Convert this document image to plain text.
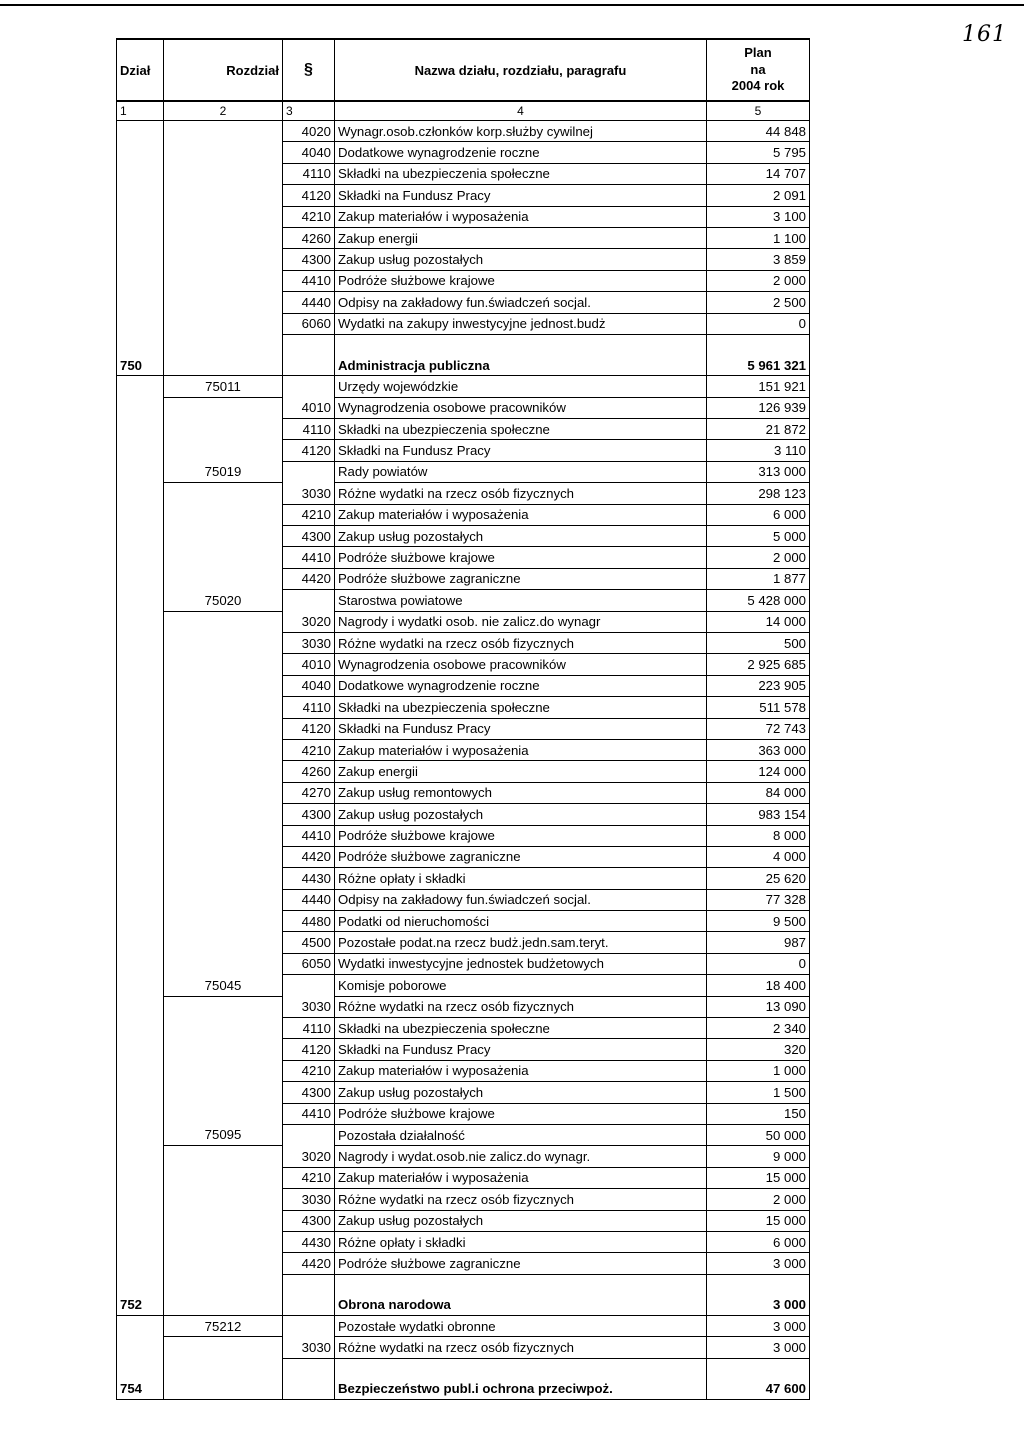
161
Dział	Rozdział	§	Nazwa działu, rozdziału, paragrafu	Plan
na
2004 rok

1	2	3	4	5
		4020	Wynagr.osob.członków korp.służby cywilnej	44 848
		4040	Dodatkowe wynagrodzenie roczne	5 795
		4110	Składki na ubezpieczenia społeczne	14 707
		4120	Składki na Fundusz Pracy	2 091
		4210	Zakup materiałów i wyposażenia	3 100
		4260	Zakup energii	1 100
		4300	Zakup usług pozostałych	3 859
		4410	Podróże służbowe krajowe	2 000
		4440	Odpisy na zakładowy fun.świadczeń socjal.	2 500
		6060	Wydatki na zakupy inwestycyjne jednost.budż	0

750			Administracja publiczna	5 961 321
	75011		Urzędy wojewódzkie	151 921
		4010	Wynagrodzenia osobowe pracowników	126 939
		4110	Składki na ubezpieczenia społeczne	21 872
		4120	Składki na Fundusz Pracy	3 110
	75019		Rady powiatów	313 000
		3030	Różne wydatki na rzecz osób fizycznych	298 123
		4210	Zakup materiałów i wyposażenia	6 000
		4300	Zakup usług pozostałych	5 000
		4410	Podróże służbowe krajowe	2 000
		4420	Podróże służbowe zagraniczne	1 877
	75020		Starostwa powiatowe	5 428 000
		3020	Nagrody i wydatki osob. nie zalicz.do wynagr	14 000
		3030	Różne wydatki na rzecz osób fizycznych	500
		4010	Wynagrodzenia osobowe pracowników	2 925 685
		4040	Dodatkowe wynagrodzenie roczne	223 905
		4110	Składki na ubezpieczenia społeczne	511 578
		4120	Składki na Fundusz Pracy	72 743
		4210	Zakup materiałów i wyposażenia	363 000
		4260	Zakup energii	124 000
		4270	Zakup usług remontowych	84 000
		4300	Zakup usług pozostałych	983 154
		4410	Podróże służbowe krajowe	8 000
		4420	Podróże służbowe zagraniczne	4 000
		4430	Różne opłaty i składki	25 620
		4440	Odpisy na zakładowy fun.świadczeń socjal.	77 328
		4480	Podatki od nieruchomości	9 500
		4500	Pozostałe podat.na rzecz budż.jedn.sam.teryt.	987
		6050	Wydatki inwestycyjne jednostek budżetowych	0
	75045		Komisje poborowe	18 400
		3030	Różne wydatki na rzecz osób fizycznych	13 090
		4110	Składki na ubezpieczenia społeczne	2 340
		4120	Składki na Fundusz Pracy	320
		4210	Zakup materiałów i wyposażenia	1 000
		4300	Zakup usług pozostałych	1 500
		4410	Podróże służbowe krajowe	150
	75095		Pozostała działalność	50 000
		3020	Nagrody i wydat.osob.nie zalicz.do wynagr.	9 000
		4210	Zakup materiałów i wyposażenia	15 000
		3030	Różne wydatki na rzecz osób fizycznych	2 000
		4300	Zakup usług pozostałych	15 000
		4430	Różne opłaty i składki	6 000
		4420	Podróże służbowe zagraniczne	3 000

752			Obrona narodowa	3 000
	75212		Pozostałe wydatki obronne	3 000
		3030	Różne wydatki na rzecz osób fizycznych	3 000

754			Bezpieczeństwo publ.i ochrona przeciwpoż.	47 600
